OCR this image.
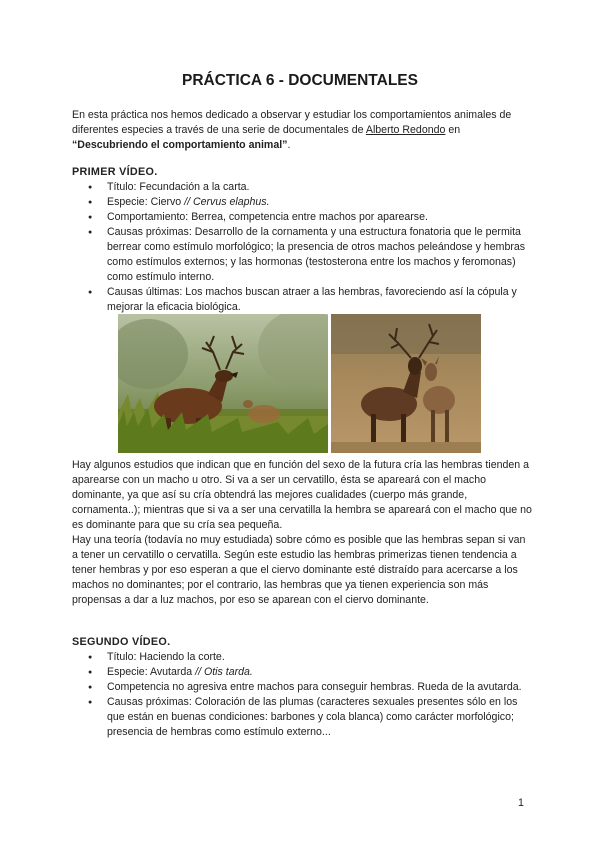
PRÁCTICA 6 - DOCUMENTALES
En esta práctica nos hemos dedicado a observar y estudiar los comportamientos animales de diferentes especies a través de una serie de documentales de Alberto Redondo en
“Descubriendo el comportamiento animal”.
PRIMER VÍDEO.
● Título: Fecundación a la carta.
● Especie: Ciervo // Cervus elaphus.
● Comportamiento: Berrea, competencia entre machos por aparearse.
● Causas próximas: Desarrollo de la cornamenta y una estructura fonatoria que le permita berrear como estímulo morfológico; la presencia de otros machos peleándose y hembras como estímulos externos; y las hormonas (testosterona entre los machos y feromonas) como estímulo interno.
● Causas últimas: Los machos buscan atraer a las hembras, favoreciendo así la cópula y mejorar la eficacia biológica.
Hay algunos estudios que indican que en función del sexo de la futura cría las hembras tienden a aparearse con un macho u otro. Si va a ser un cervatillo, ésta se apareará con el macho dominante, ya que así su cría obtendrá las mejores cualidades (cuerpo más grande, cornamenta..); mientras que si va a ser una cervatilla la hembra se apareará con el macho que no es dominante para que su cría sea pequeña.
Hay una teoría (todavía no muy estudiada) sobre cómo es posible que las hembras sepan si van a tener un cervatillo o cervatilla. Según este estudio las hembras primerizas tienen tendencia a tener hembras y por eso esperan a que el ciervo dominante esté distraído para acercarse a los machos no dominantes; por el contrario, las hembras que ya tienen experiencia son más propensas a dar a luz machos, por eso se aparean con el ciervo dominante.
SEGUNDO VÍDEO.
● Título: Haciendo la corte.
● Especie: Avutarda // Otis tarda.
● Competencia no agresiva entre machos para conseguir hembras. Rueda de la avutarda.
● Causas próximas: Coloración de las plumas (caracteres sexuales presentes sólo en los que están en buenas condiciones: barbones y cola blanca) como carácter morfológico; presencia de hembras como estímulo externo...
1
